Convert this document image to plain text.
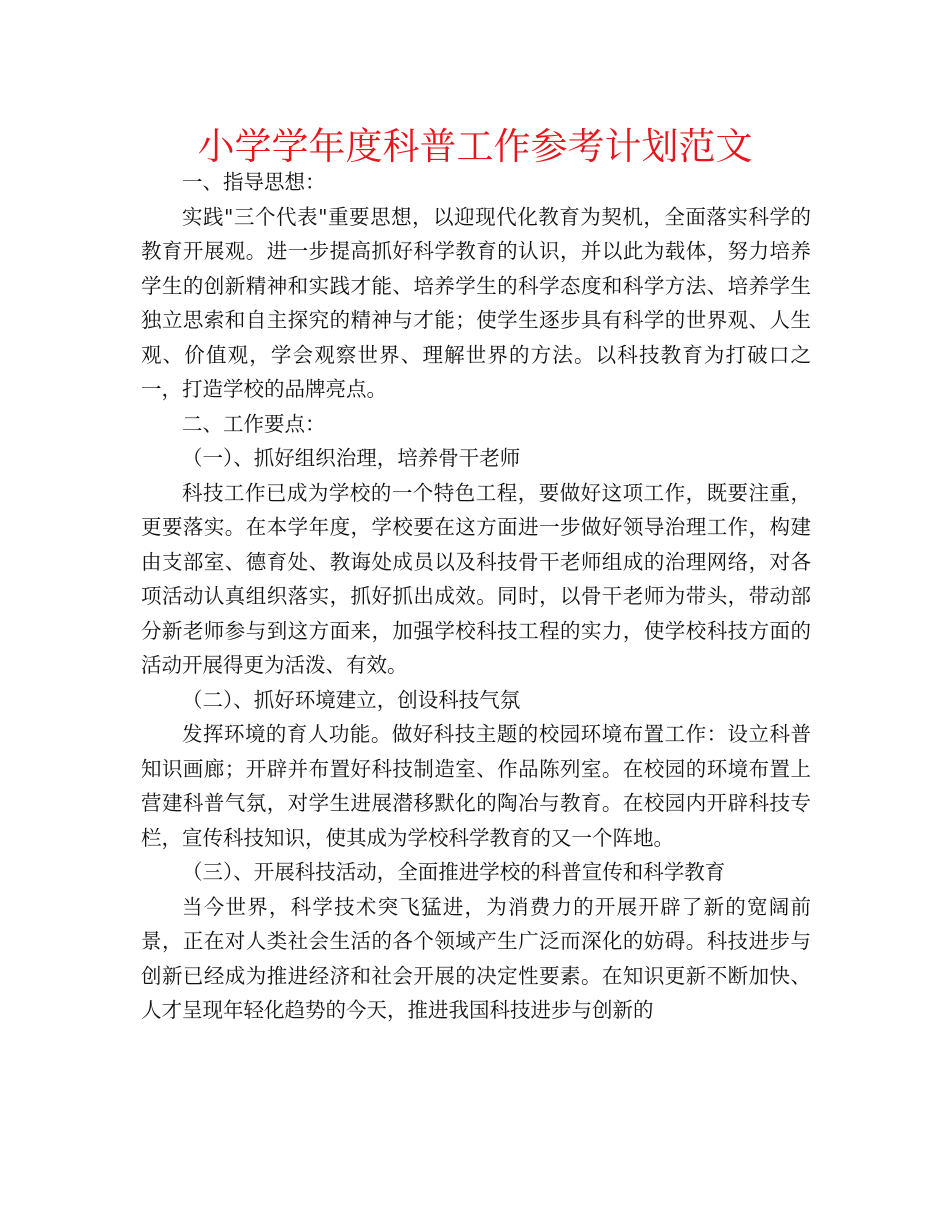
小学学年度科普工作参考计划范文

一、指导思想：

实践"三个代表"重要思想，以迎现代化教育为契机，全面落实科学的教育开展观。进一步提高抓好科学教育的认识，并以此为载体，努力培养学生的创新精神和实践才能、培养学生的科学态度和科学方法、培养学生独立思索和自主探究的精神与才能；使学生逐步具有科学的世界观、人生观、价值观，学会观察世界、理解世界的方法。以科技教育为打破口之一，打造学校的品牌亮点。

二、工作要点：

（一）、抓好组织治理，培养骨干老师

科技工作已成为学校的一个特色工程，要做好这项工作，既要注重，更要落实。在本学年度，学校要在这方面进一步做好领导治理工作，构建由支部室、德育处、教诲处成员以及科技骨干老师组成的治理网络，对各项活动认真组织落实，抓好抓出成效。同时，以骨干老师为带头，带动部分新老师参与到这方面来，加强学校科技工程的实力，使学校科技方面的活动开展得更为活泼、有效。

（二）、抓好环境建立，创设科技气氛

发挥环境的育人功能。做好科技主题的校园环境布置工作：设立科普知识画廊；开辟并布置好科技制造室、作品陈列室。在校园的环境布置上营建科普气氛，对学生进展潜移默化的陶冶与教育。在校园内开辟科技专栏，宣传科技知识，使其成为学校科学教育的又一个阵地。

（三）、开展科技活动，全面推进学校的科普宣传和科学教育

当今世界，科学技术突飞猛进，为消费力的开展开辟了新的宽阔前景，正在对人类社会生活的各个领域产生广泛而深化的妨碍。科技进步与创新已经成为推进经济和社会开展的决定性要素。在知识更新不断加快、人才呈现年轻化趋势的今天，推进我国科技进步与创新的
